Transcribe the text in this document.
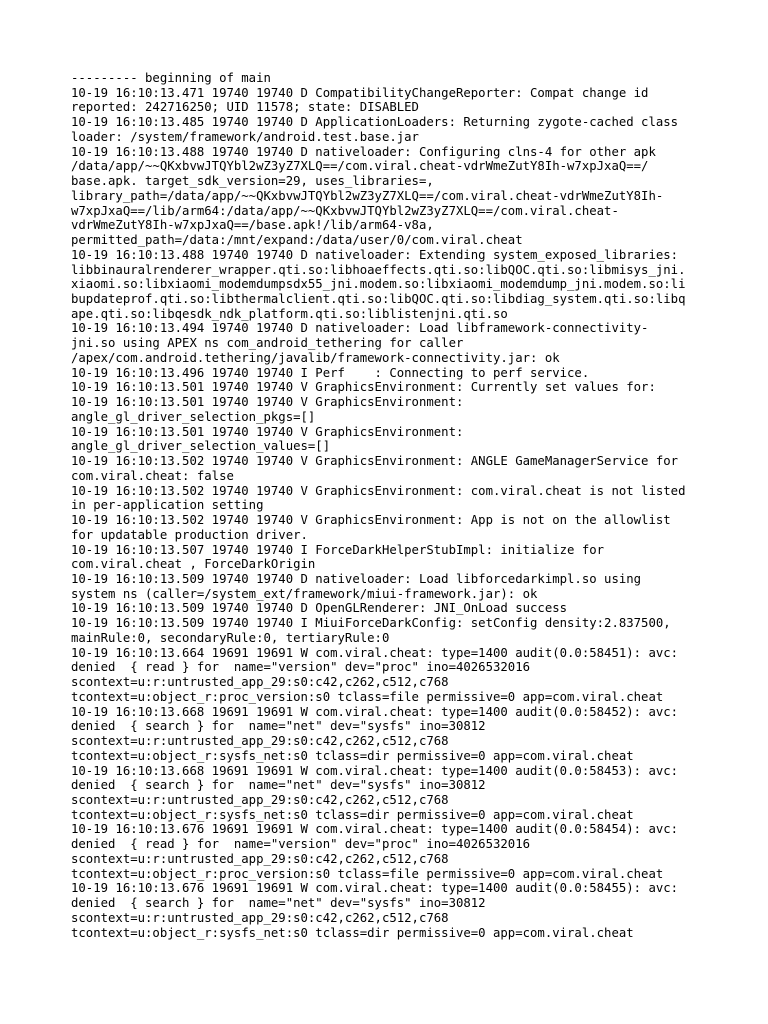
--------- beginning of main
10-19 16:10:13.471 19740 19740 D CompatibilityChangeReporter: Compat change id
reported: 242716250; UID 11578; state: DISABLED
10-19 16:10:13.485 19740 19740 D ApplicationLoaders: Returning zygote-cached class
loader: /system/framework/android.test.base.jar
10-19 16:10:13.488 19740 19740 D nativeloader: Configuring clns-4 for other apk
/data/app/~~QKxbvwJTQYbl2wZ3yZ7XLQ==/com.viral.cheat-vdrWmeZutY8Ih-w7xpJxaQ==/
base.apk. target_sdk_version=29, uses_libraries=,
library_path=/data/app/~~QKxbvwJTQYbl2wZ3yZ7XLQ==/com.viral.cheat-vdrWmeZutY8Ih-
w7xpJxaQ==/lib/arm64:/data/app/~~QKxbvwJTQYbl2wZ3yZ7XLQ==/com.viral.cheat-
vdrWmeZutY8Ih-w7xpJxaQ==/base.apk!/lib/arm64-v8a,
permitted_path=/data:/mnt/expand:/data/user/0/com.viral.cheat
10-19 16:10:13.488 19740 19740 D nativeloader: Extending system_exposed_libraries:
libbinauralrenderer_wrapper.qti.so:libhoaeffects.qti.so:libQOC.qti.so:libmisys_jni.
xiaomi.so:libxiaomi_modemdumpsdx55_jni.modem.so:libxiaomi_modemdump_jni.modem.so:li
bupdateprof.qti.so:libthermalclient.qti.so:libQOC.qti.so:libdiag_system.qti.so:libq
ape.qti.so:libqesdk_ndk_platform.qti.so:liblistenjni.qti.so
10-19 16:10:13.494 19740 19740 D nativeloader: Load libframework-connectivity-
jni.so using APEX ns com_android_tethering for caller
/apex/com.android.tethering/javalib/framework-connectivity.jar: ok
10-19 16:10:13.496 19740 19740 I Perf    : Connecting to perf service.
10-19 16:10:13.501 19740 19740 V GraphicsEnvironment: Currently set values for:
10-19 16:10:13.501 19740 19740 V GraphicsEnvironment:
angle_gl_driver_selection_pkgs=[]
10-19 16:10:13.501 19740 19740 V GraphicsEnvironment:
angle_gl_driver_selection_values=[]
10-19 16:10:13.502 19740 19740 V GraphicsEnvironment: ANGLE GameManagerService for
com.viral.cheat: false
10-19 16:10:13.502 19740 19740 V GraphicsEnvironment: com.viral.cheat is not listed
in per-application setting
10-19 16:10:13.502 19740 19740 V GraphicsEnvironment: App is not on the allowlist
for updatable production driver.
10-19 16:10:13.507 19740 19740 I ForceDarkHelperStubImpl: initialize for
com.viral.cheat , ForceDarkOrigin
10-19 16:10:13.509 19740 19740 D nativeloader: Load libforcedarkimpl.so using
system ns (caller=/system_ext/framework/miui-framework.jar): ok
10-19 16:10:13.509 19740 19740 D OpenGLRenderer: JNI_OnLoad success
10-19 16:10:13.509 19740 19740 I MiuiForceDarkConfig: setConfig density:2.837500,
mainRule:0, secondaryRule:0, tertiaryRule:0
10-19 16:10:13.664 19691 19691 W com.viral.cheat: type=1400 audit(0.0:58451): avc:
denied  { read } for  name="version" dev="proc" ino=4026532016
scontext=u:r:untrusted_app_29:s0:c42,c262,c512,c768
tcontext=u:object_r:proc_version:s0 tclass=file permissive=0 app=com.viral.cheat
10-19 16:10:13.668 19691 19691 W com.viral.cheat: type=1400 audit(0.0:58452): avc:
denied  { search } for  name="net" dev="sysfs" ino=30812
scontext=u:r:untrusted_app_29:s0:c42,c262,c512,c768
tcontext=u:object_r:sysfs_net:s0 tclass=dir permissive=0 app=com.viral.cheat
10-19 16:10:13.668 19691 19691 W com.viral.cheat: type=1400 audit(0.0:58453): avc:
denied  { search } for  name="net" dev="sysfs" ino=30812
scontext=u:r:untrusted_app_29:s0:c42,c262,c512,c768
tcontext=u:object_r:sysfs_net:s0 tclass=dir permissive=0 app=com.viral.cheat
10-19 16:10:13.676 19691 19691 W com.viral.cheat: type=1400 audit(0.0:58454): avc:
denied  { read } for  name="version" dev="proc" ino=4026532016
scontext=u:r:untrusted_app_29:s0:c42,c262,c512,c768
tcontext=u:object_r:proc_version:s0 tclass=file permissive=0 app=com.viral.cheat
10-19 16:10:13.676 19691 19691 W com.viral.cheat: type=1400 audit(0.0:58455): avc:
denied  { search } for  name="net" dev="sysfs" ino=30812
scontext=u:r:untrusted_app_29:s0:c42,c262,c512,c768
tcontext=u:object_r:sysfs_net:s0 tclass=dir permissive=0 app=com.viral.cheat
